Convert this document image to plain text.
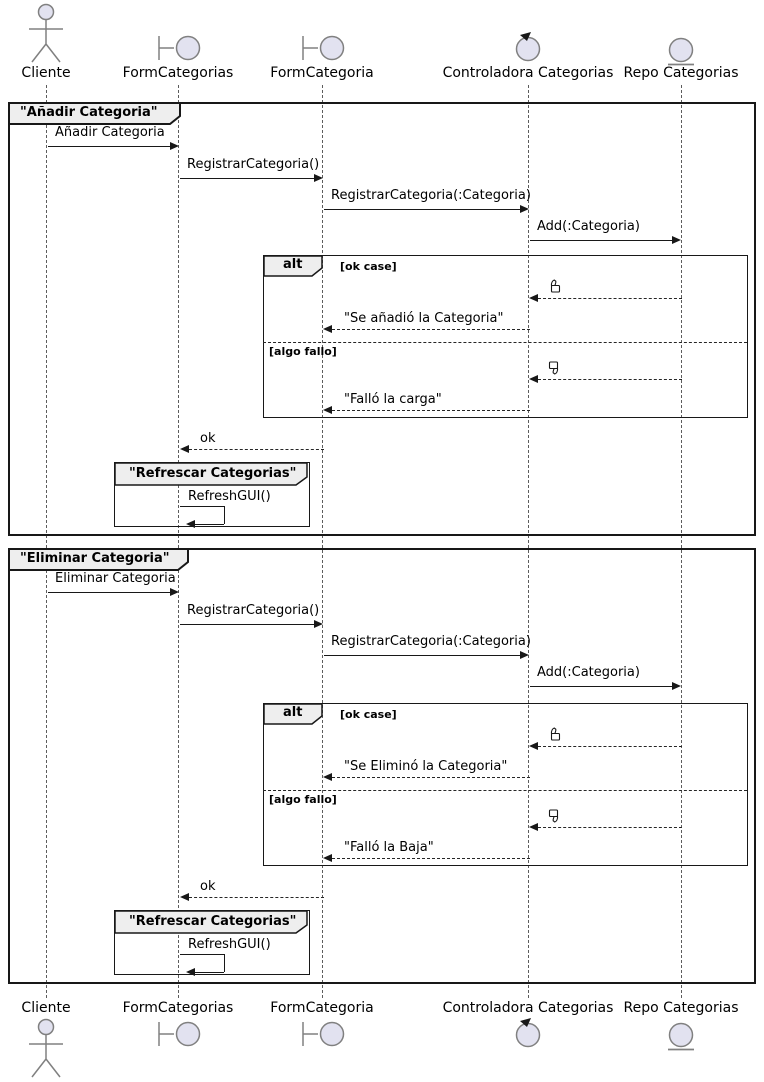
Cliente	FormCategorias	FormCategoria	Controladora Categorias Repo Categorias
"Añadir Categoria"
Añadir Categoria
RegistrarCategoria()
RegistrarCategoria(:Categoria)
Add(:Categoria)
alt	[ok case]
"Se añadió la Categoria"
[algo fallo]
"Falló la carga"
ok
"Refrescar Categorias"
RefreshGUI()
"Eliminar Categoria"
Eliminar Categoria
RegistrarCategoria()
RegistrarCategoria(:Categoria)
Add(:Categoria)
alt	[ok case]
"Se Eliminó la Categoria"
[algo fallo]
"Falló la Baja"
ok
"Refrescar Categorias"
RefreshGUI()
Cliente	FormCategorias	FormCategoria	Controladora Categorias Repo Categorias
